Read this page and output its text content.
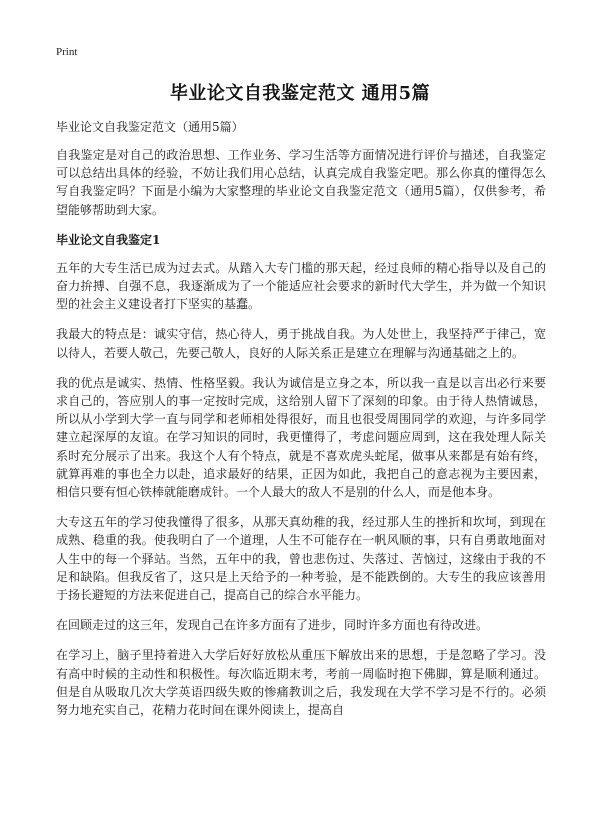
Print
毕业论文自我鉴定范文 通用5篇

毕业论文自我鉴定范文（通用5篇）

自我鉴定是对自己的政治思想、工作业务、学习生活等方面情况进行评价与描述，自我鉴定可以总结出具体的经验，不妨让我们用心总结，认真完成自我鉴定吧。那么你真的懂得怎么写自我鉴定吗？下面是小编为大家整理的毕业论文自我鉴定范文（通用5篇），仅供参考，希望能够帮助到大家。

毕业论文自我鉴定1

五年的大专生活已成为过去式。从踏入大专门槛的那天起，经过良师的精心指导以及自己的奋力拚搏、自强不息，我逐渐成为了一个能适应社会要求的新时代大学生，并为做一个知识型的社会主义建设者打下坚实的基蠢。

我最大的特点是：诚实守信，热心待人，勇于挑战自我。为人处世上，我坚持严于律己，宽以待人，若要人敬己，先要己敬人，良好的人际关系正是建立在理解与沟通基础之上的。

我的优点是诚实、热情、性格坚毅。我认为诚信是立身之本，所以我一直是以言出必行来要求自己的，答应别人的事一定按时完成，这给别人留下了深刻的印象。由于待人热情诚恳，所以从小学到大学一直与同学和老师相处得很好，而且也很受周围同学的欢迎，与许多同学建立起深厚的友谊。在学习知识的同时，我更懂得了，考虑问题应周到，这在我处理人际关系时充分展示了出来。我这个人有个特点，就是不喜欢虎头蛇尾，做事从来都是有始有终，就算再难的事也全力以赴，追求最好的结果，正因为如此，我把自己的意志视为主要因素，相信只要有恒心铁棒就能磨成针。一个人最大的敌人不是别的什么人，而是他本身。

大专这五年的学习使我懂得了很多，从那天真幼稚的我，经过那人生的挫折和坎坷，到现在成熟、稳重的我。使我明白了一个道理，人生不可能存在一帆风顺的事，只有自勇敢地面对人生中的每一个驿站。当然，五年中的我，曾也悲伤过、失落过、苦恼过，这缘由于我的不足和缺陷。但我反省了，这只是上天给予的一种考验，是不能跌倒的。大专生的我应该善用于扬长避短的方法来促进自己，提高自己的综合水平能力。

在回顾走过的这三年，发现自己在许多方面有了进步，同时许多方面也有待改进。

在学习上，脑子里持着进入大学后好好放松从重压下解放出来的思想，于是忽略了学习。没有高中时候的主动性和积极性。每次临近期末考，考前一周临时抱下佛脚，算是顺利通过。但是自从吸取几次大学英语四级失败的惨痛教训之后，我发现在大学不学习是不行的。必须努力地充实自己，花精力花时间在课外阅读上，提高自
